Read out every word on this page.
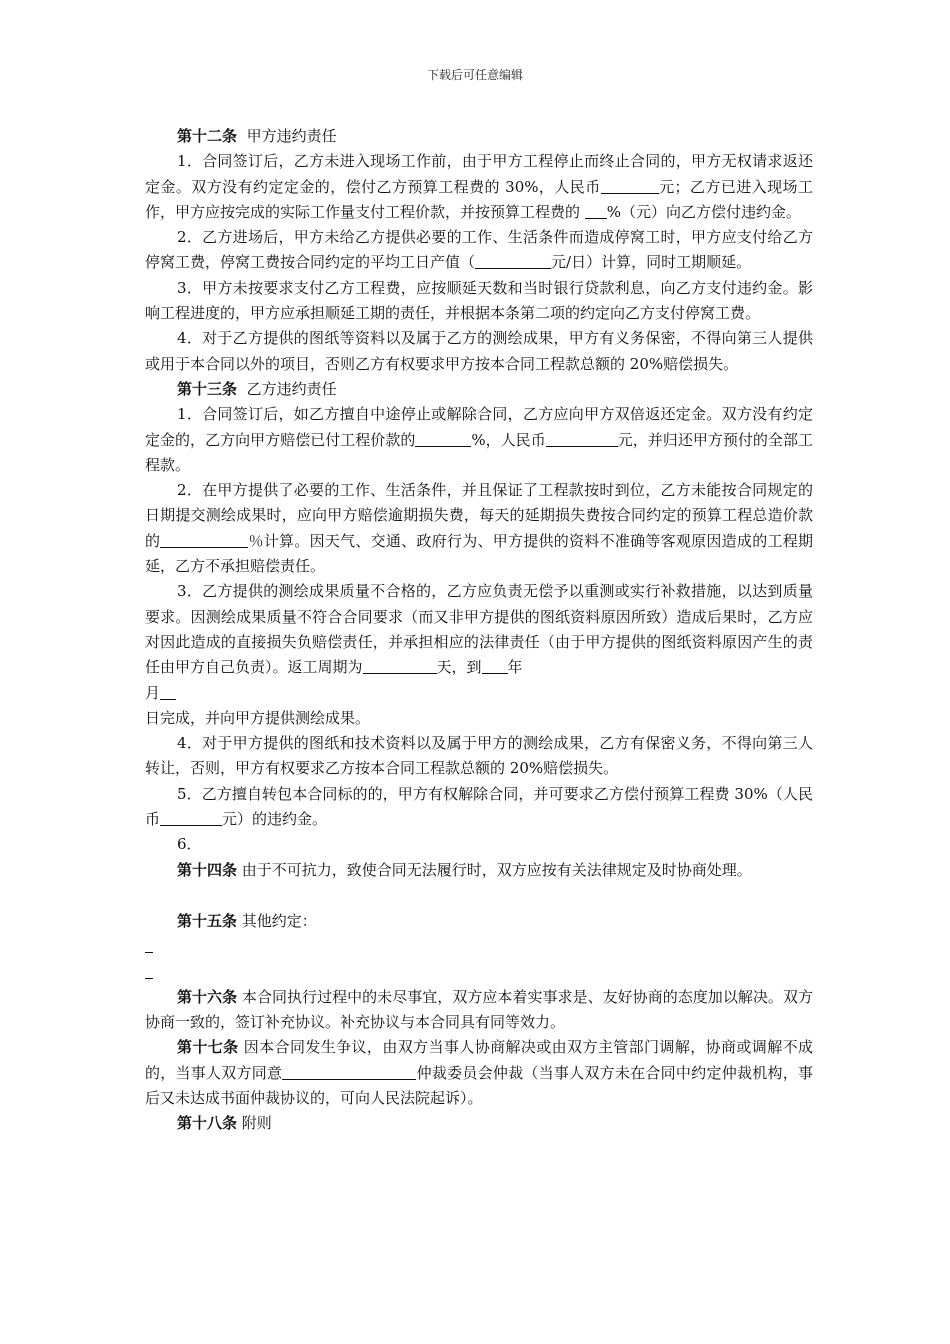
下载后可任意编辑

第十二条 甲方违约责任

1．合同签订后，乙方未进入现场工作前，由于甲方工程停止而终止合同的，甲方无权请求返还定金。双方没有约定定金的，偿付乙方预算工程费的 30%，人民币	元；乙方已进入现场工作，甲方应按完成的实际工作量支付工程价款，并按预算工程费的 %（元）向乙方偿付违约金。

2．乙方进场后，甲方未给乙方提供必要的工作、生活条件而造成停窝工时，甲方应支付给乙方停窝工费，停窝工费按合同约定的平均工日产值（	元/日）计算，同时工期顺延。

3．甲方未按要求支付乙方工程费，应按顺延天数和当时银行贷款利息，向乙方支付违约金。影响工程进度的，甲方应承担顺延工期的责任，并根据本条第二项的约定向乙方支付停窝工费。

4．对于乙方提供的图纸等资料以及属于乙方的测绘成果，甲方有义务保密，不得向第三人提供或用于本合同以外的项目，否则乙方有权要求甲方按本合同工程款总额的 20%赔偿损失。

第十三条 乙方违约责任

1．合同签订后，如乙方擅自中途停止或解除合同，乙方应向甲方双倍返还定金。双方没有约定定金的，乙方向甲方赔偿已付工程价款的	%，人民币	元，并归还甲方预付的全部工程款。

2．在甲方提供了必要的工作、生活条件，并且保证了工程款按时到位，乙方未能按合同规定的日期提交测绘成果时，应向甲方赔偿逾期损失费，每天的延期损失费按合同约定的预算工程总造价款的	％计算。因天气、交通、政府行为、甲方提供的资料不准确等客观原因造成的工程期延，乙方不承担赔偿责任。

3．乙方提供的测绘成果质量不合格的，乙方应负责无偿予以重测或实行补救措施，以达到质量要求。因测绘成果质量不符合合同要求（而又非甲方提供的图纸资料原因所致）造成后果时，乙方应对因此造成的直接损失负赔偿责任，并承担相应的法律责任（由于甲方提供的图纸资料原因产生的责任由甲方自己负责）。返工周期为	天，到 年
月

日完成，并向甲方提供测绘成果。

4．对于甲方提供的图纸和技术资料以及属于甲方的测绘成果，乙方有保密义务，不得向第三人转让，否则，甲方有权要求乙方按本合同工程款总额的 20%赔偿损失。

5．乙方擅自转包本合同标的的，甲方有权解除合同，并可要求乙方偿付预算工程费 30%（人民币	元）的违约金。

6．

第十四条 由于不可抗力，致使合同无法履行时，双方应按有关法律规定及时协商处理。

第十五条 其他约定：

第十六条 本合同执行过程中的未尽事宜，双方应本着实事求是、友好协商的态度加以解决。双方协商一致的，签订补充协议。补充协议与本合同具有同等效力。

第十七条 因本合同发生争议，由双方当事人协商解决或由双方主管部门调解，协商或调解不成的，当事人双方同意	仲裁委员会仲裁（当事人双方未在合同中约定仲裁机构，事后又未达成书面仲裁协议的，可向人民法院起诉）。

第十八条 附则
